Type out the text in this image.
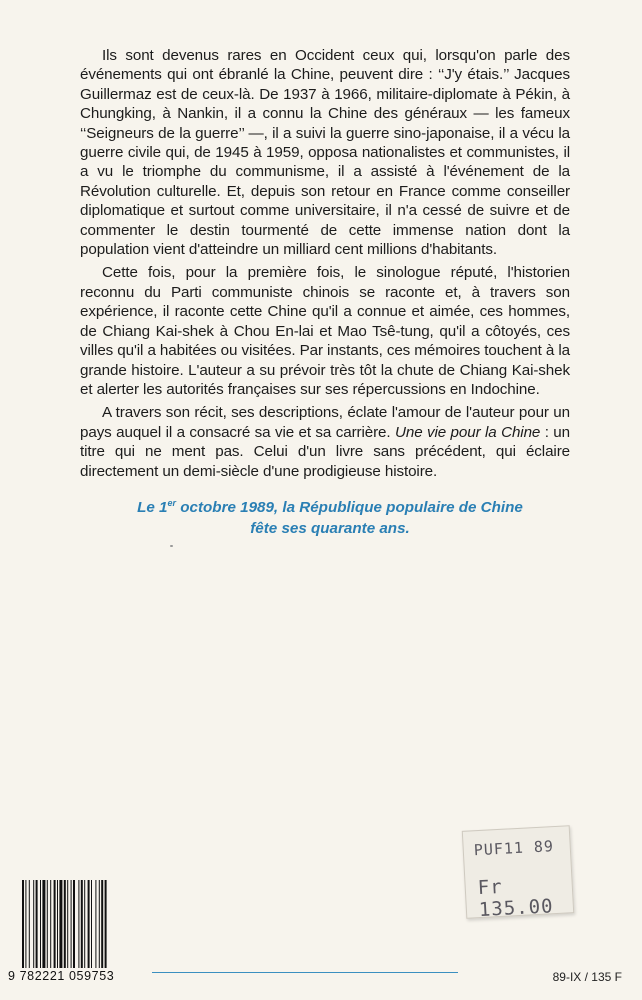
Ils sont devenus rares en Occident ceux qui, lorsqu'on parle des événements qui ont ébranlé la Chine, peuvent dire : ‘‘J'y étais.’’ Jacques Guillermaz est de ceux-là. De 1937 à 1966, militaire-diplomate à Pékin, à Chungking, à Nankin, il a connu la Chine des généraux — les fameux ‘‘Seigneurs de la guerre’’ —, il a suivi la guerre sino-japonaise, il a vécu la guerre civile qui, de 1945 à 1959, opposa nationalistes et communistes, il a vu le triomphe du communisme, il a assisté à l'événement de la Révolution culturelle. Et, depuis son retour en France comme conseiller diplomatique et surtout comme universitaire, il n'a cessé de suivre et de commenter le destin tourmenté de cette immense nation dont la population vient d'atteindre un milliard cent millions d'habitants.

Cette fois, pour la première fois, le sinologue réputé, l'historien reconnu du Parti communiste chinois se raconte et, à travers son expérience, il raconte cette Chine qu'il a connue et aimée, ces hommes, de Chiang Kai-shek à Chou En-lai et Mao Tsê-tung, qu'il a côtoyés, ces villes qu'il a habitées ou visitées. Par instants, ces mémoires touchent à la grande histoire. L'auteur a su prévoir très tôt la chute de Chiang Kai-shek et alerter les autorités françaises sur ses répercussions en Indochine.

A travers son récit, ses descriptions, éclate l'amour de l'auteur pour un pays auquel il a consacré sa vie et sa carrière. Une vie pour la Chine : un titre qui ne ment pas. Celui d'un livre sans précédent, qui éclaire directement un demi-siècle d'une prodigieuse histoire.

Le 1er octobre 1989, la République populaire de Chine
fête ses quarante ans.
PUF11 89
Fr 135.00
9 782221 059753	89-IX / 135 F
